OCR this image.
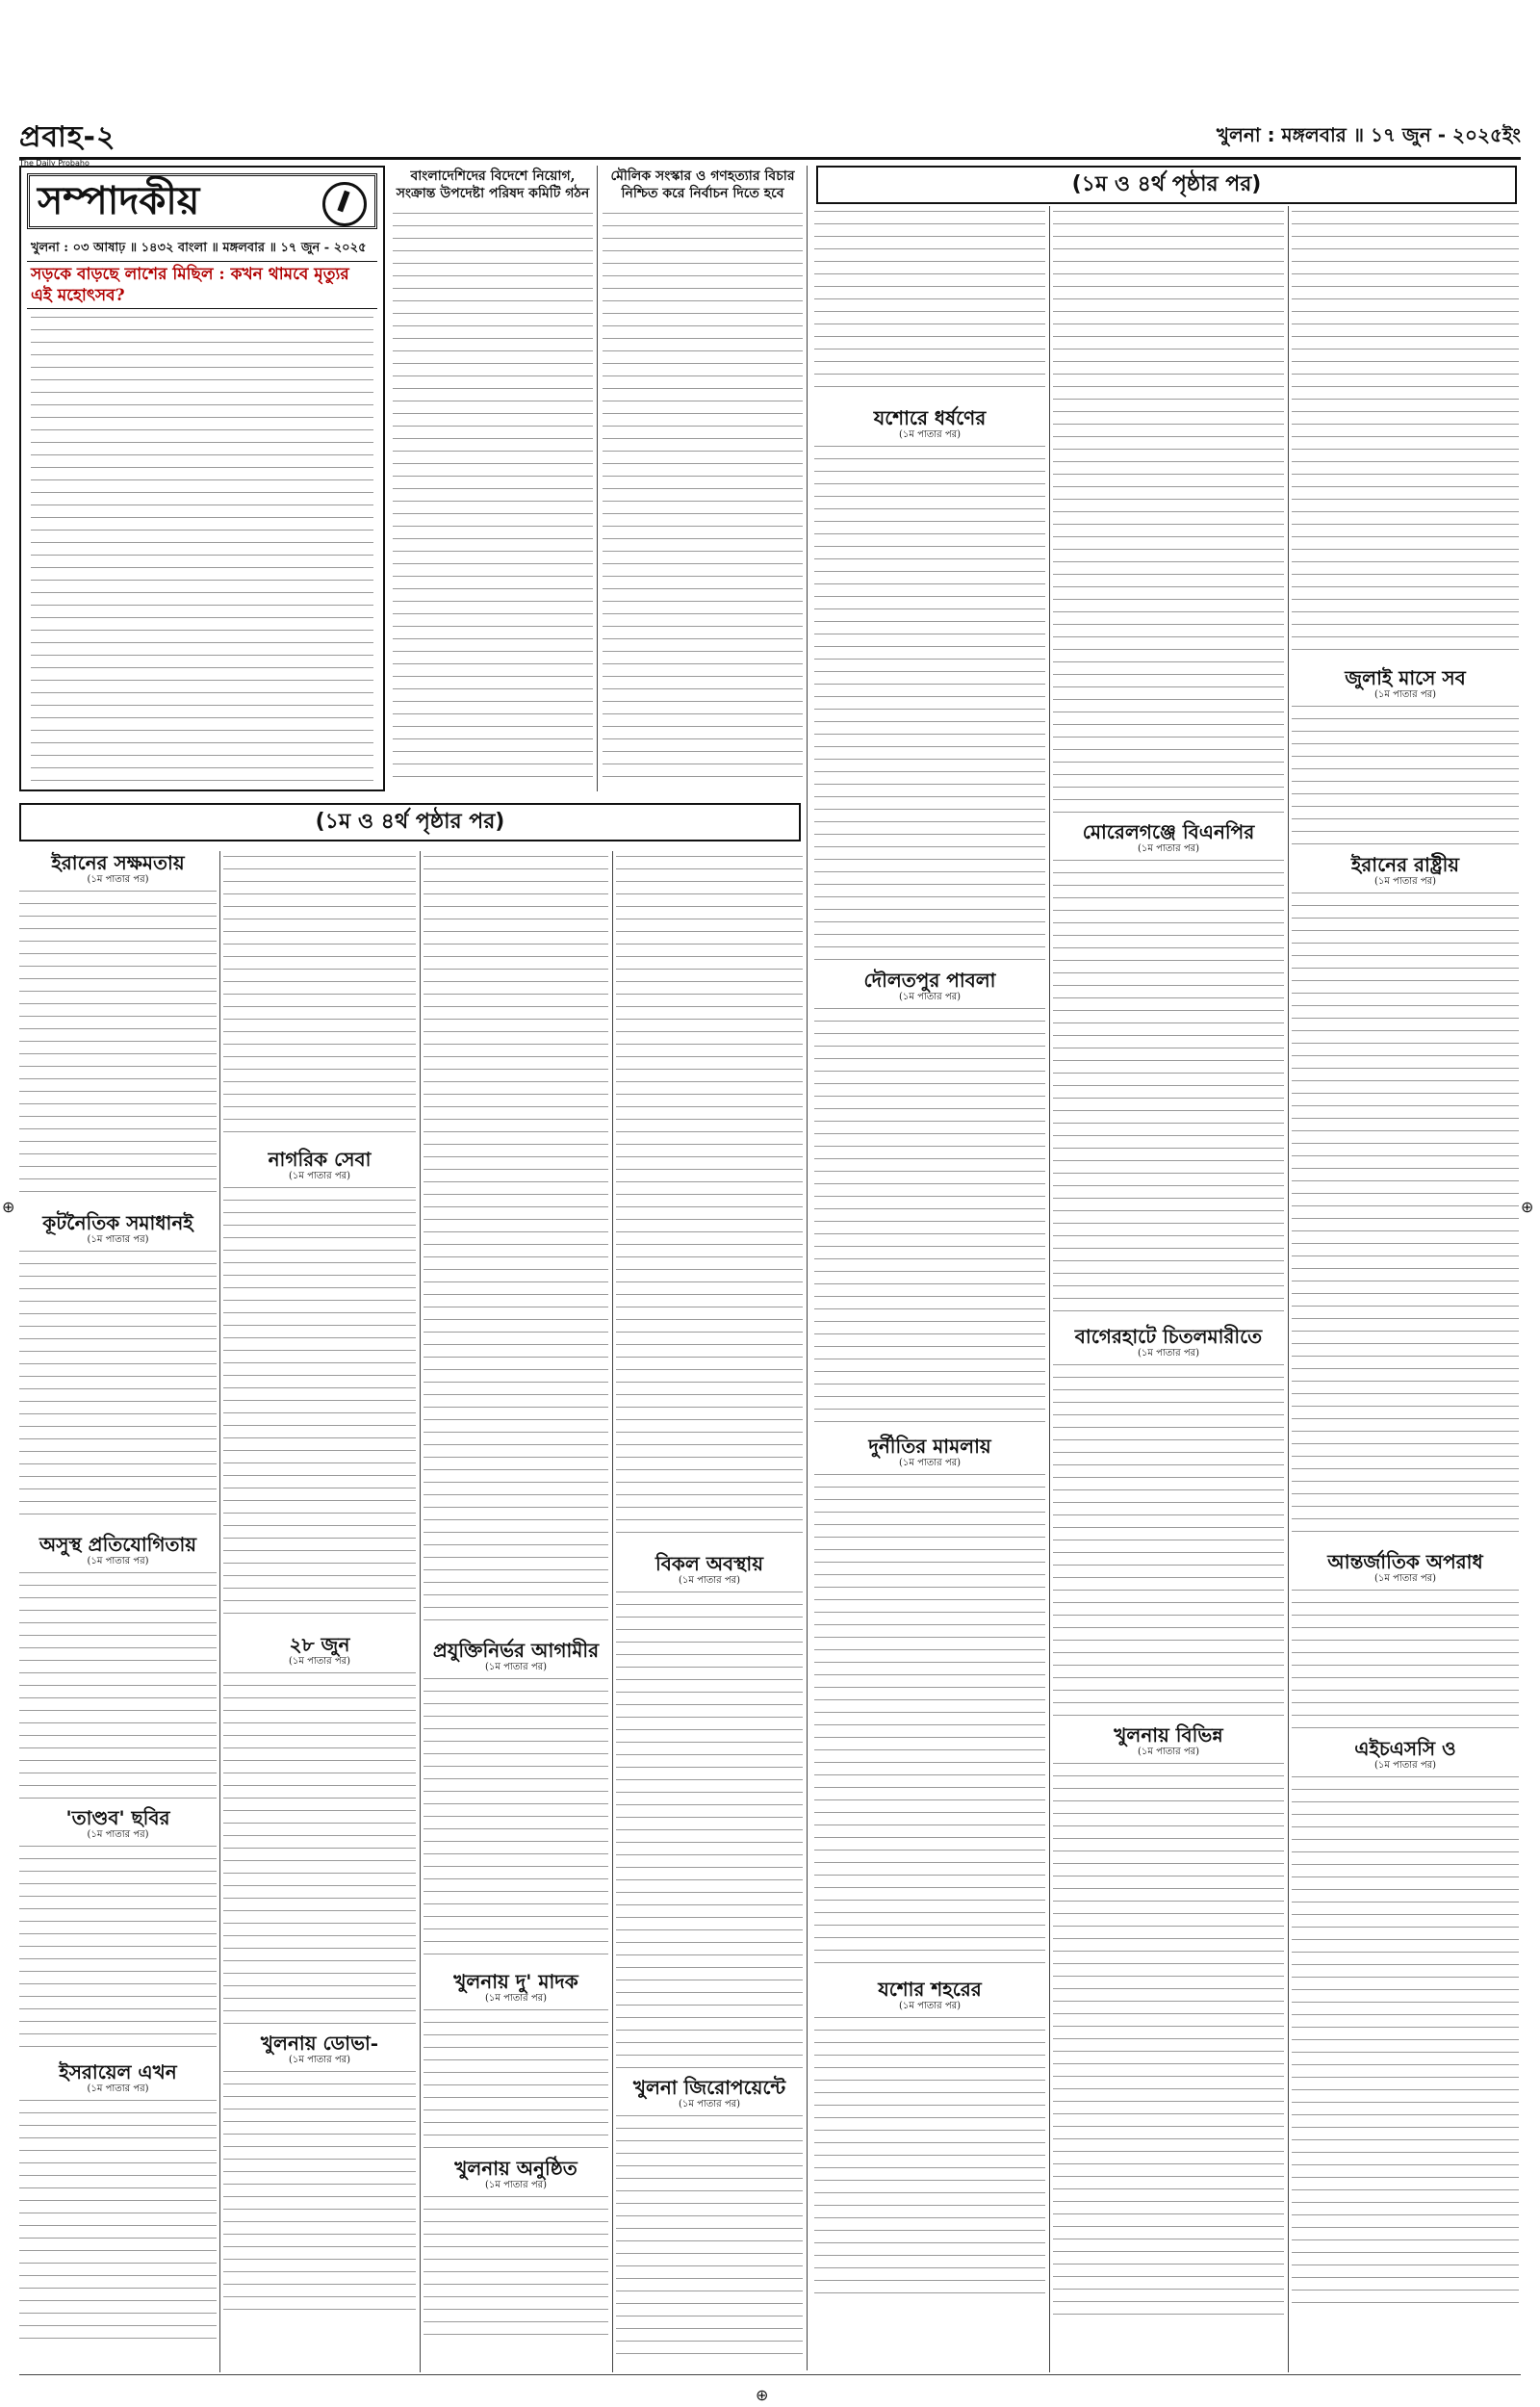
⊕
⊕
⊕
প্রবাহ-২
The Daily Probaho
খুলনা : মঙ্গলবার ॥ ১৭ জুন - ২০২৫ইং
সম্পাদকীয়
খুলনা : ০৩ আষাঢ় ॥ ১৪৩২ বাংলা ॥ মঙ্গলবার ॥ ১৭ জুন - ২০২৫
সড়কে বাড়ছে লাশের মিছিল : কখন থামবে মৃত্যুর এই মহোৎসব?
বাংলাদেশিদের বিদেশে নিয়োগ, সংক্রান্ত উপদেষ্টা পরিষদ কমিটি গঠন
মৌলিক সংস্কার ও গণহত্যার বিচার নিশ্চিত করে নির্বাচন দিতে হবে	(১ম ও ৪র্থ পৃষ্ঠার পর)
(১ম ও ৪র্থ পৃষ্ঠার পর)
ইরানের সক্ষমতায়
(১ম পাতার পর)
কূটনৈতিক সমাধানই
(১ম পাতার পর)
অসুস্থ প্রতিযোগিতায়
(১ম পাতার পর)
'তাণ্ডব' ছবির
(১ম পাতার পর)
ইসরায়েল এখন
(১ম পাতার পর)
নাগরিক সেবা
(১ম পাতার পর)
২৮ জুন
(১ম পাতার পর)
খুলনায় ডোভা-
(১ম পাতার পর)
প্রযুক্তিনির্ভর আগামীর
(১ম পাতার পর)
খুলনায় দু' মাদক
(১ম পাতার পর)
খুলনায় অনুষ্ঠিত
(১ম পাতার পর)
বিকল অবস্থায়
(১ম পাতার পর)
খুলনা জিরোপয়েন্টে
(১ম পাতার পর)
যশোরে ধর্ষণের
(১ম পাতার পর)
দৌলতপুর পাবলা
(১ম পাতার পর)
দুর্নীতির মামলায়
(১ম পাতার পর)
যশোর শহরের
(১ম পাতার পর)
মোরেলগঞ্জে বিএনপির
(১ম পাতার পর)
বাগেরহাটে চিতলমারীতে
(১ম পাতার পর)
খুলনায় বিভিন্ন
(১ম পাতার পর)
জুলাই মাসে সব
(১ম পাতার পর)
ইরানের রাষ্ট্রীয়
(১ম পাতার পর)
আন্তর্জাতিক অপরাধ
(১ম পাতার পর)
এইচএসসি ও
(১ম পাতার পর)
